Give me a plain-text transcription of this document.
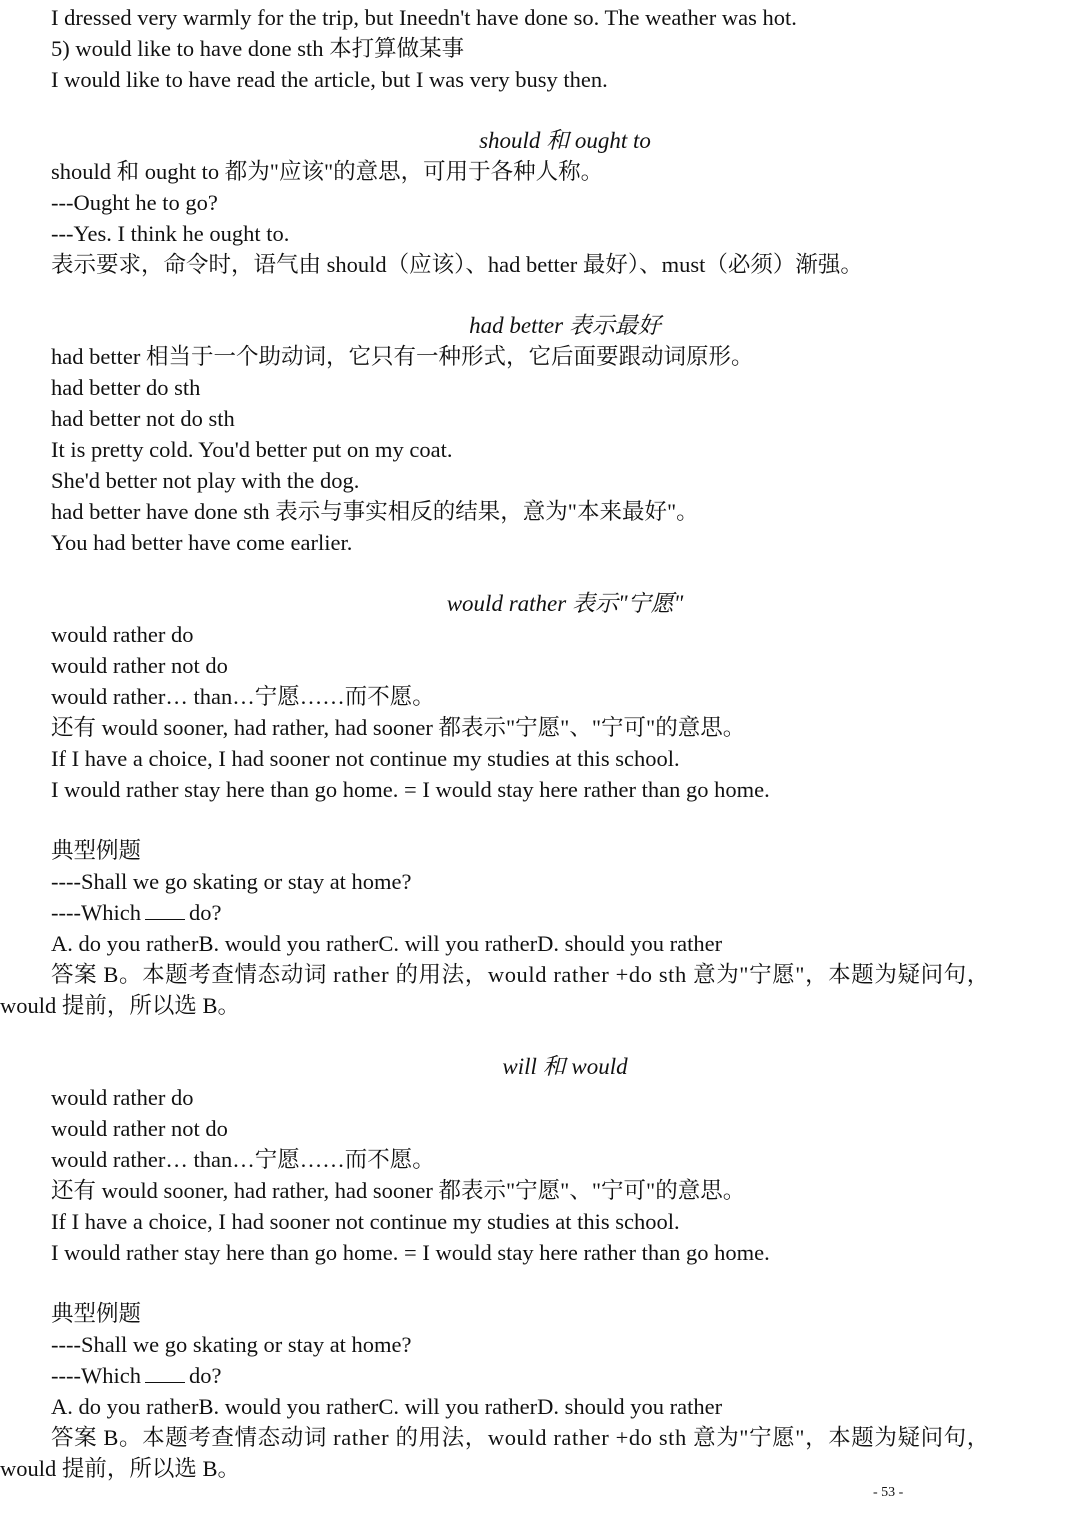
I dressed very warmly for the trip, but Ineedn't have done so. The weather was hot.
5) would like to have done sth 本打算做某事
I would like to have read the article, but I was very busy then.
should 和 ought to
should 和 ought to 都为"应该"的意思，可用于各种人称。
---Ought he to go?
---Yes. I think he ought to.
表示要求，命令时，语气由 should（应该）、had better 最好）、must（必须）渐强。
had better 表示最好
had better 相当于一个助动词，它只有一种形式，它后面要跟动词原形。
had better do sth
had better not do sth
It is pretty cold. You'd better put on my coat.
She'd better not play with the dog.
had better have done sth 表示与事实相反的结果，意为"本来最好"。
You had better have come earlier.
would rather 表示"宁愿"
would rather do
would rather not do
would rather… than…宁愿……而不愿。
还有 would sooner, had rather, had sooner 都表示"宁愿"、"宁可"的意思。
If I have a choice, I had sooner not continue my studies at this school.
I would rather stay here than go home. = I would stay here rather than go home.
典型例题
----Shall we go skating or stay at home?
----Which do?
A. do you ratherB. would you ratherC. will you ratherD. should you rather
答案 B。本题考查情态动词 rather 的用法，would rather +do sth 意为"宁愿"，本题为疑问句，
would 提前，所以选 B。
will 和 would
would rather do
would rather not do
would rather… than…宁愿……而不愿。
还有 would sooner, had rather, had sooner 都表示"宁愿"、"宁可"的意思。
If I have a choice, I had sooner not continue my studies at this school.
I would rather stay here than go home. = I would stay here rather than go home.
典型例题
----Shall we go skating or stay at home?
----Which do?
A. do you ratherB. would you ratherC. will you ratherD. should you rather
答案 B。本题考查情态动词 rather 的用法，would rather +do sth 意为"宁愿"，本题为疑问句，
would 提前，所以选 B。
- 53 -
